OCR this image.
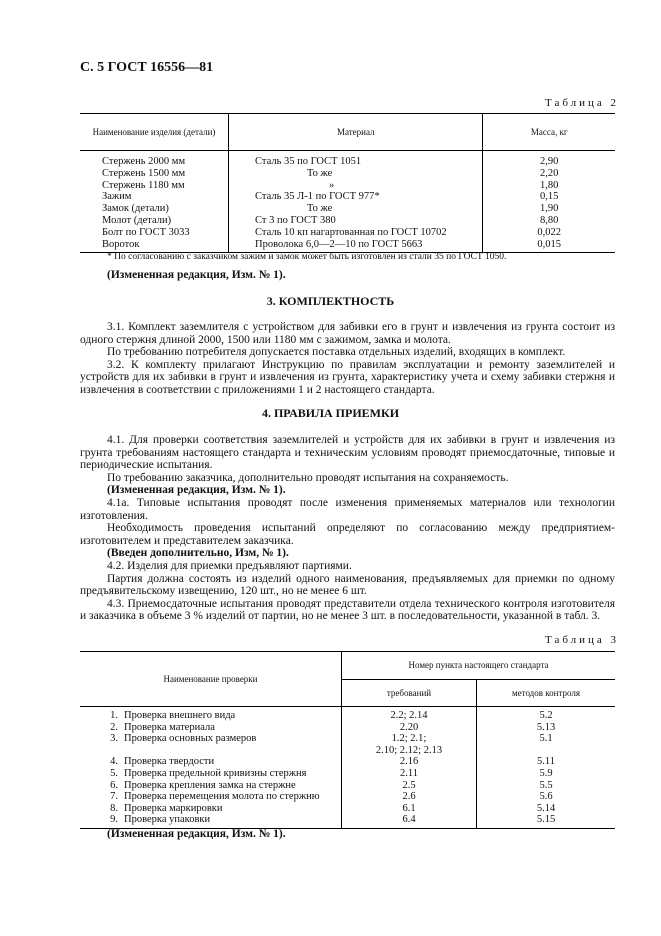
С. 5 ГОСТ 16556—81
Таблица 2
Наименование изделия (детали)	Материал	Масса, кг
Стержень 2000 мм	Сталь 35 по ГОСТ 1051	2,90
Стержень 1500 мм	То же	2,20
Стержень 1180 мм	»	1,80
Зажим	Сталь 35 Л-1 по ГОСТ 977*	0,15
Замок (детали)	То же	1,90
Молот (детали)	Ст 3 по ГОСТ 380	8,80
Болт по ГОСТ 3033	Сталь 10 кп нагартованная по ГОСТ 10702	0,022
Вороток	Проволока 6,0—2—10 по ГОСТ 5663	0,015
* По согласованию с заказчиком зажим и замок может быть изготовлен из стали 35 по ГОСТ 1050.
(Измененная редакция, Изм. № 1).
3. КОМПЛЕКТНОСТЬ

3.1. Комплект заземлителя с устройством для забивки его в грунт и извлечения из грунта состоит из одного стержня длиной 2000, 1500 или 1180 мм с зажимом, замка и молота.

По требованию потребителя допускается поставка отдельных изделий, входящих в комплект.

3.2. К комплекту прилагают Инструкцию по правилам эксплуатации и ремонту заземлителей и устройств для их забивки в грунт и извлечения из грунта, характеристику учета и схему забивки стержня и извлечения в соответствии с приложениями 1 и 2 настоящего стандарта.

4. ПРАВИЛА ПРИЕМКИ

4.1. Для проверки соответствия заземлителей и устройств для их забивки в грунт и извлечения из грунта требованиям настоящего стандарта и техническим условиям проводят приемосдаточные, типовые и периодические испытания.

По требованию заказчика, дополнительно проводят испытания на сохраняемость.

(Измененная редакция, Изм. № 1).

4.1а. Типовые испытания проводят после изменения применяемых материалов или технологии изготовления.

Необходимость проведения испытаний определяют по согласованию между предприятием-изготовителем и представителем заказчика.

(Введен дополнительно, Изм, № 1).

4.2. Изделия для приемки предъявляют партиями.

Партия должна состоять из изделий одного наименования, предъявляемых для приемки по одному предъявительскому извещению, 120 шт., но не менее 6 шт.

4.3. Приемосдаточные испытания проводят представители отдела технического контроля изготовителя и заказчика в объеме 3 % изделий от партии, но не менее 3 шт. в последовательности, указанной в табл. 3.

Таблица 3
Наименование проверки		Номер пункта настоящего стандарта	
		требований	методов контроля
1.	Проверка внешнего вида	2.2; 2.14	5.2
2.	Проверка материала	2.20	5.13
3.	Проверка основных размеров	1.2; 2.1;	5.1
		2.10; 2.12; 2.13	
4.	Проверка твердости	2.16	5.11
5.	Проверка предельной кривизны стержня	2.11	5.9
6.	Проверка крепления замка на стержне	2.5	5.5
7.	Проверка перемещения молота по стержню	2.6	5.6
8.	Проверка маркировки	6.1	5.14
9.	Проверка упаковки	6.4	5.15
(Измененная редакция, Изм. № 1).
